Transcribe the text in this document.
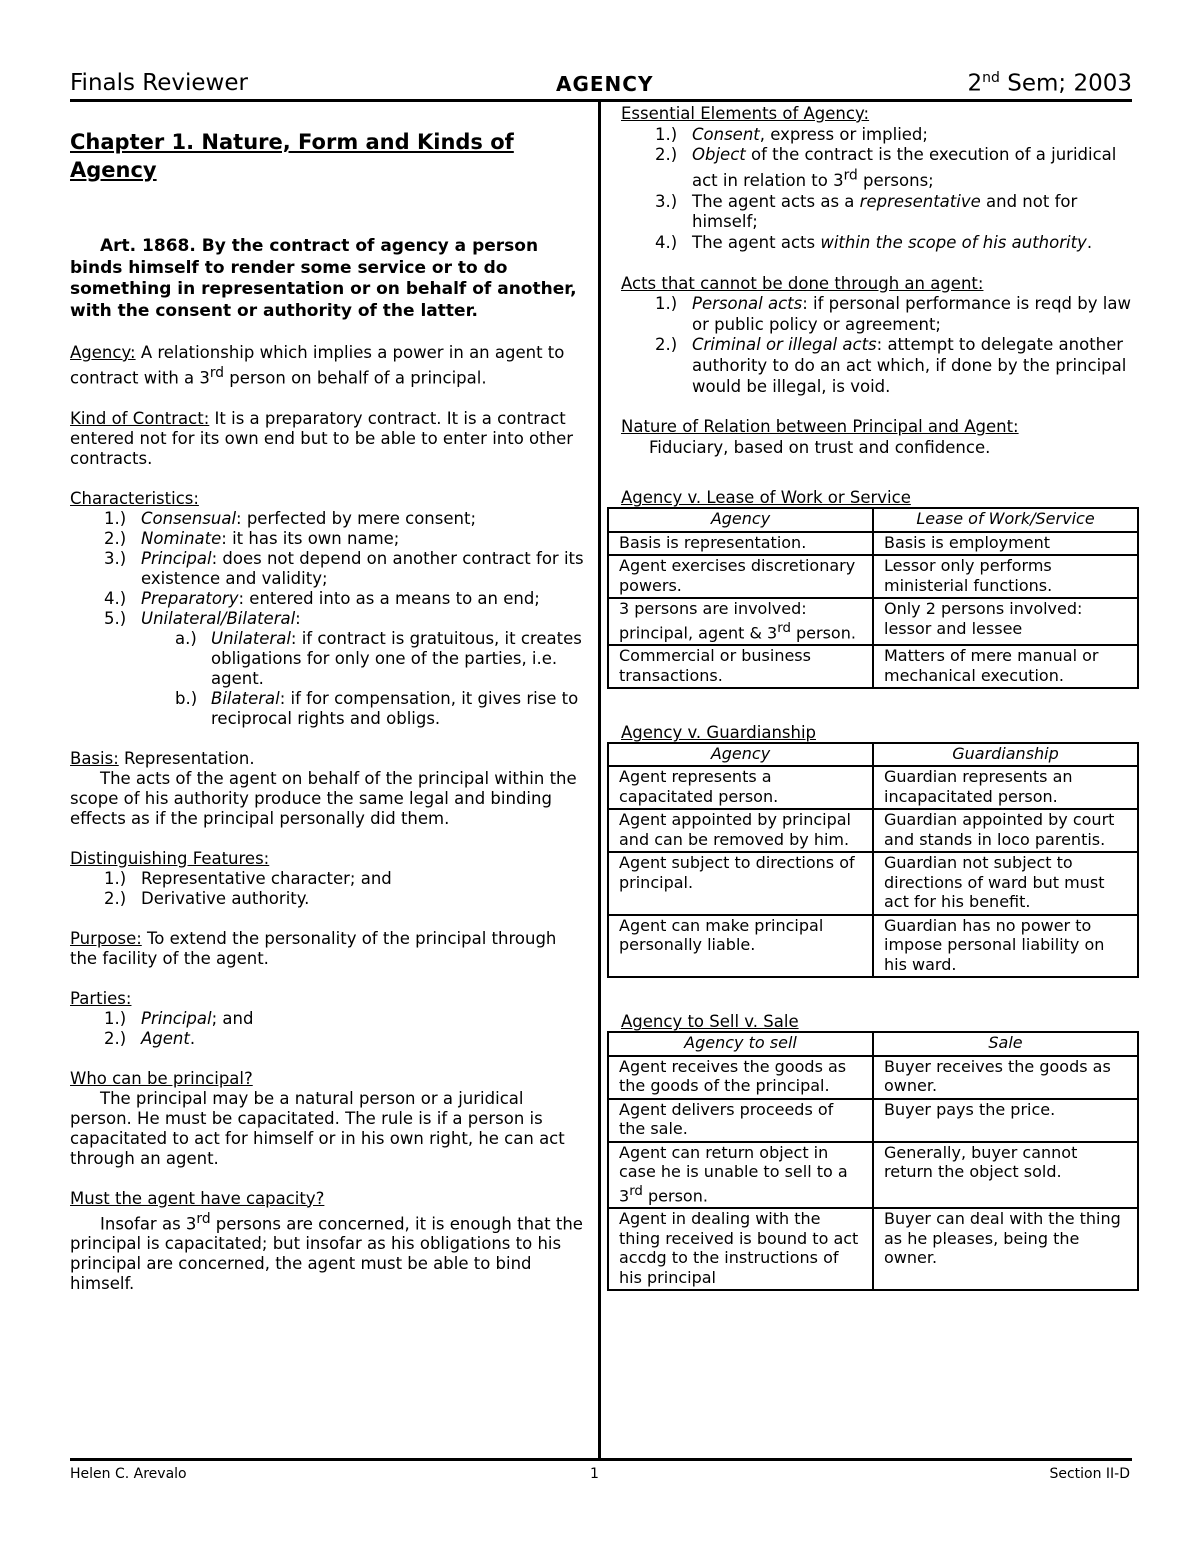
Finals Reviewer	AGENCY	2nd Sem; 2003
Chapter 1. Nature, Form and Kinds of Agency

Art. 1868. By the contract of agency a person binds himself to render some service or to do something in representation or on behalf of another, with the consent or authority of the latter.

Agency: A relationship which implies a power in an agent to contract with a 3rd person on behalf of a principal.

Kind of Contract: It is a preparatory contract. It is a contract entered not for its own end but to be able to enter into other contracts.

Characteristics:

1.) Consensual: perfected by mere consent;
2.) Nominate: it has its own name;
3.) Principal: does not depend on another contract for its existence and validity;
4.) Preparatory: entered into as a means to an end;
5.) Unilateral/Bilateral:
a.) Unilateral: if contract is gratuitous, it creates obligations for only one of the parties, i.e. agent.
b.) Bilateral: if for compensation, it gives rise to reciprocal rights and obligs.

Basis: Representation.

The acts of the agent on behalf of the principal within the scope of his authority produce the same legal and binding effects as if the principal personally did them.

Distinguishing Features:

1.) Representative character; and
2.) Derivative authority.

Purpose: To extend the personality of the principal through the facility of the agent.

Parties:

1.) Principal; and
2.) Agent.

Who can be principal?

The principal may be a natural person or a juridical person. He must be capacitated. The rule is if a person is capacitated to act for himself or in his own right, he can act through an agent.

Must the agent have capacity?

Insofar as 3rd persons are concerned, it is enough that the principal is capacitated; but insofar as his obligations to his principal are concerned, the agent must be able to bind himself.

Essential Elements of Agency:

1.) Consent, express or implied;
2.) Object of the contract is the execution of a juridical act in relation to 3rd persons;
3.) The agent acts as a representative and not for himself;
4.) The agent acts within the scope of his authority.

Acts that cannot be done through an agent:

1.) Personal acts: if personal performance is reqd by law or public policy or agreement;
2.) Criminal or illegal acts: attempt to delegate another authority to do an act which, if done by the principal would be illegal, is void.

Nature of Relation between Principal and Agent:

Fiduciary, based on trust and confidence.

Agency v. Lease of Work or Service

Agency	Lease of Work/Service
Basis is representation.	Basis is employment
Agent exercises discretionary powers.	Lessor only performs ministerial functions.
3 persons are involved: principal, agent & 3rd person.	Only 2 persons involved: lessor and lessee
Commercial or business transactions.	Matters of mere manual or mechanical execution.

Agency v. Guardianship

Agency	Guardianship
Agent represents a capacitated person.	Guardian represents an incapacitated person.
Agent appointed by principal and can be removed by him.	Guardian appointed by court and stands in loco parentis.
Agent subject to directions of principal.	Guardian not subject to directions of ward but must act for his benefit.
Agent can make principal personally liable.	Guardian has no power to impose personal liability on his ward.

Agency to Sell v. Sale

Agency to sell	Sale
Agent receives the goods as the goods of the principal.	Buyer receives the goods as owner.
Agent delivers proceeds of the sale.	Buyer pays the price.
Agent can return object in case he is unable to sell to a 3rd person.	Generally, buyer cannot return the object sold.
Agent in dealing with the thing received is bound to act accdg to the instructions of his principal	Buyer can deal with the thing as he pleases, being the owner.
Helen C. Arevalo	1	Section II-D
